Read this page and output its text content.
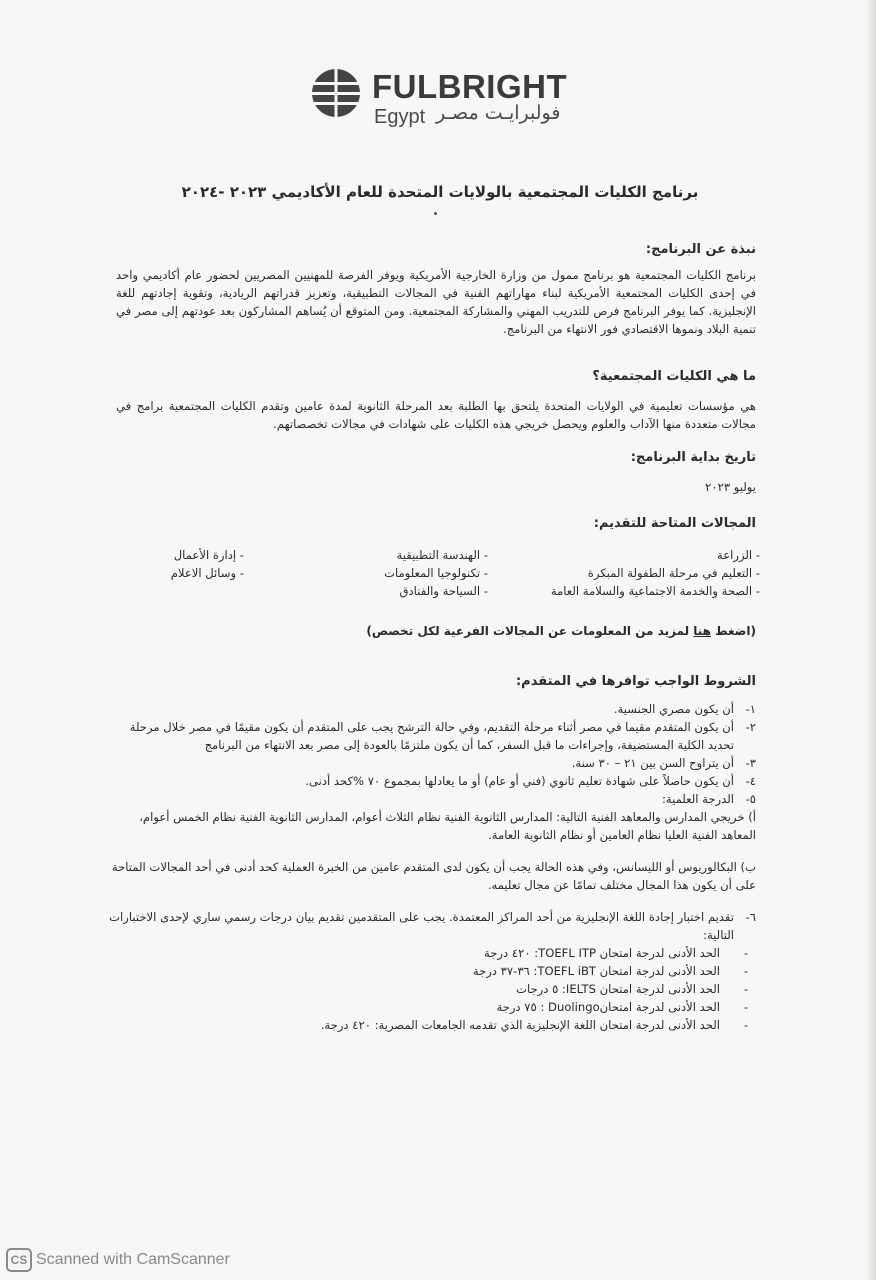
FULBRIGHT
Egypt فولبرايـت مصـر
برنامج الكليات المجتمعية بالولايات المتحدة للعام الأكاديمي ٢٠٢٣ -٢٠٢٤
نبذة عن البرنامج:
برنامج الكليات المجتمعية هو برنامج ممول من وزارة الخارجية الأمريكية ويوفر الفرصة للمهنيين المصريين لحضور عام أكاديمي واحد في إحدى الكليات المجتمعية الأمريكية لبناء مهاراتهم الفنية في المجالات التطبيقية، وتعزيز قدراتهم الريادية، وتقوية إجادتهم للغة الإنجليزية. كما يوفر البرنامج فرص للتدريب المهني والمشاركة المجتمعية. ومن المتوقع أن يُساهم المشاركون بعد عودتهم إلى مصر في تنمية البلاد ونموها الاقتصادي فور الانتهاء من البرنامج.
ما هي الكليات المجتمعية؟
هي مؤسسات تعليمية في الولايات المتحدة يلتحق بها الطلبة بعد المرحلة الثانوية لمدة عامين وتقدم الكليات المجتمعية برامج في مجالات متعددة منها الآداب والعلوم ويحصل خريجي هذه الكليات على شهادات في مجالات تخصصاتهم.
تاريخ بداية البرنامج:
يوليو ٢٠٢٣
المجالات المتاحة للتقديم:
- الزراعة
- التعليم في مرحلة الطفولة المبكرة
- الصحة والخدمة الاجتماعية والسلامة العامة
- الهندسة التطبيقية
- تكنولوجيا المعلومات
- السياحة والفنادق
- إدارة الأعمال
- وسائل الاعلام
(اضغط هنا لمزيد من المعلومات عن المجالات الفرعية لكل تخصص)
الشروط الواجب توافرها في المتقدم:
١-
أن يكون مصري الجنسية.
٢-
أن يكون المتقدم مقيما في مصر أثناء مرحلة التقديم، وفي حالة الترشح يجب على المتقدم أن يكون مقيمًا في مصر خلال مرحلة تحديد الكلية المستضيفة، وإجراءات ما قبل السفر، كما أن يكون ملتزمًا بالعودة إلى مصر بعد الانتهاء من البرنامج
٣-
أن يتراوح السن بين ٢١ – ٣٠ سنة.
٤-
أن يكون حاصلاً على شهادة تعليم ثانوي (فني أو عام) أو ما يعادلها بمجموع ٧٠ %كحد أدنى.
٥-
الدرجة العلمية:
أ) خريجي المدارس والمعاهد الفنية التالية: المدارس الثانوية الفنية نظام الثلاث أعوام، المدارس الثانوية الفنية نظام الخمس أعوام، المعاهد الفنية العليا نظام العامين أو نظام الثانوية العامة.
ب) البكالوريوس أو الليسانس، وفي هذه الحالة يجب أن يكون لدى المتقدم عامين من الخبرة العملية كحد أدنى في أحد المجالات المتاحة على أن يكون هذا المجال مختلف تمامًا عن مجال تعليمه.
٦-
تقديم اختبار إجادة اللغة الإنجليزية من أحد المراكز المعتمدة. يجب على المتقدمين تقديم بيان درجات رسمي ساري لإحدى الاختبارات التالية:
- الحد الأدنى لدرجة امتحان TOEFL ITP: ٤٢٠ درجة
- الحد الأدنى لدرجة امتحان TOEFL iBT: ٣٦-٣٧ درجة
- الحد الأدنى لدرجة امتحان IELTS: ٥ درجات
- الحد الأدنى لدرجة امتحانDuolingo : ٧٥ درجة
- الحد الأدنى لدرجة امتحان اللغة الإنجليزية الذي تقدمه الجامعات المصرية: ٤٢٠ درجة.
CS Scanned with CamScanner
